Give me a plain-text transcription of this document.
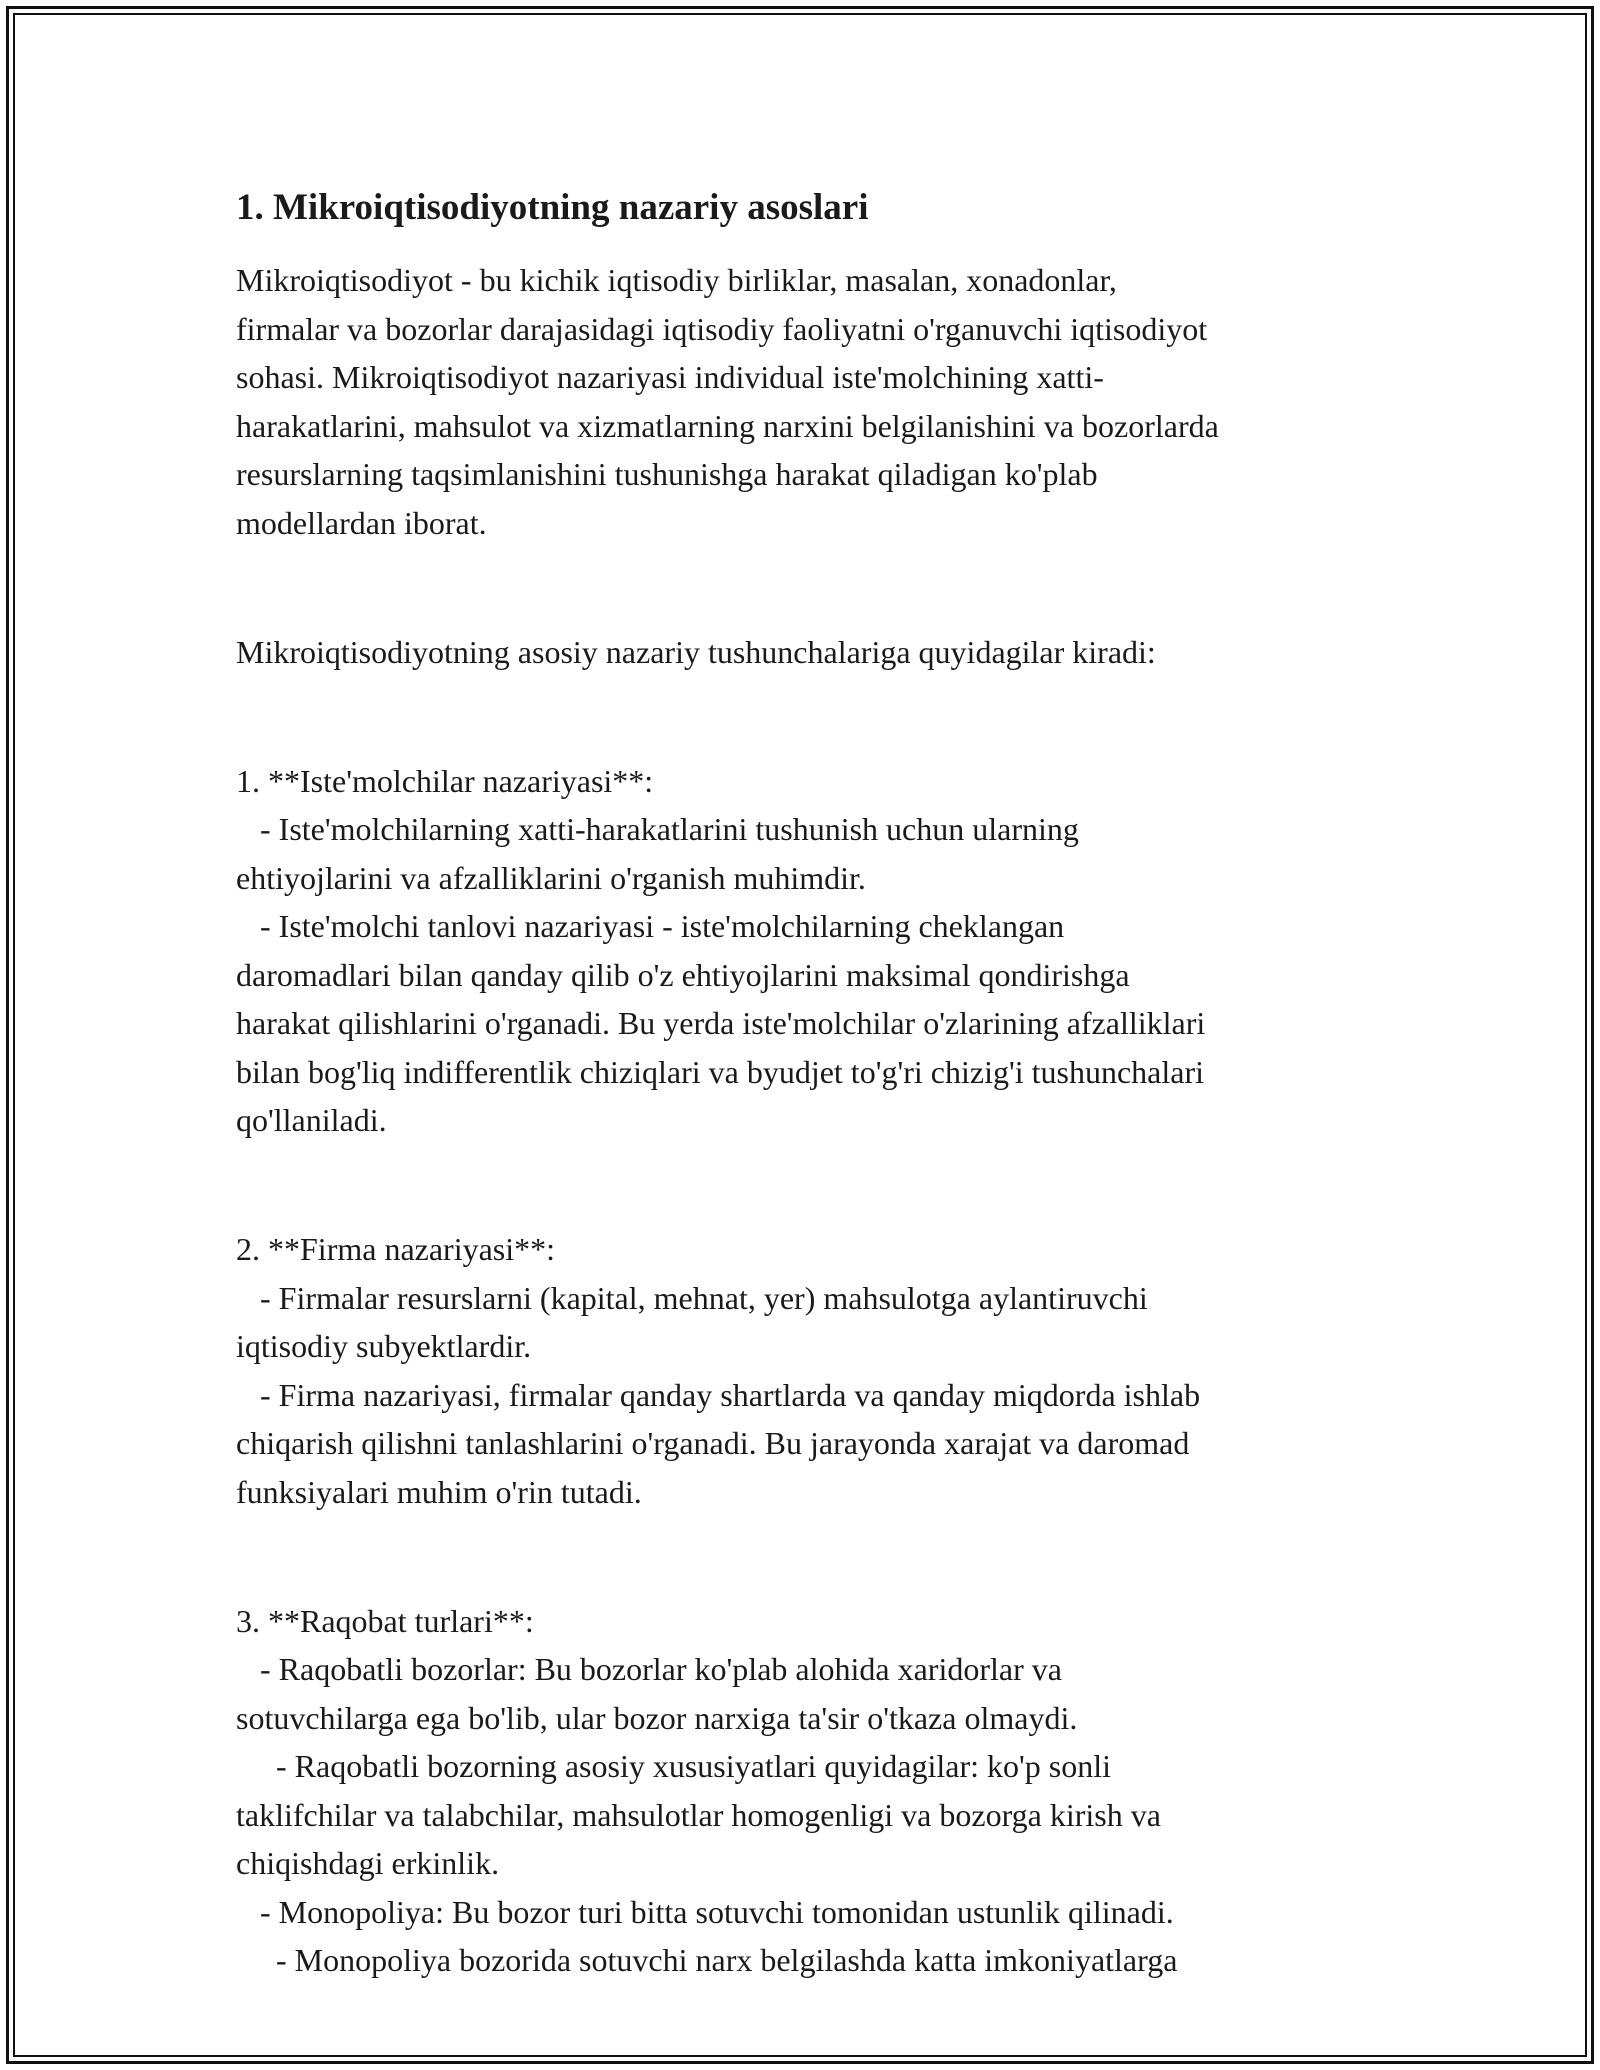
1. Mikroiqtisodiyotning nazariy asoslari

Mikroiqtisodiyot - bu kichik iqtisodiy birliklar, masalan, xonadonlar,

firmalar va bozorlar darajasidagi iqtisodiy faoliyatni o'rganuvchi iqtisodiyot

sohasi. Mikroiqtisodiyot nazariyasi individual iste'molchining xatti-

harakatlarini, mahsulot va xizmatlarning narxini belgilanishini va bozorlarda

resurslarning taqsimlanishini tushunishga harakat qiladigan ko'plab

modellardan iborat.

Mikroiqtisodiyotning asosiy nazariy tushunchalariga quyidagilar kiradi:

1. **Iste'molchilar nazariyasi**:

- Iste'molchilarning xatti-harakatlarini tushunish uchun ularning

ehtiyojlarini va afzalliklarini o'rganish muhimdir.

- Iste'molchi tanlovi nazariyasi - iste'molchilarning cheklangan

daromadlari bilan qanday qilib o'z ehtiyojlarini maksimal qondirishga

harakat qilishlarini o'rganadi. Bu yerda iste'molchilar o'zlarining afzalliklari

bilan bog'liq indifferentlik chiziqlari va byudjet to'g'ri chizig'i tushunchalari

qo'llaniladi.

2. **Firma nazariyasi**:

- Firmalar resurslarni (kapital, mehnat, yer) mahsulotga aylantiruvchi

iqtisodiy subyektlardir.

- Firma nazariyasi, firmalar qanday shartlarda va qanday miqdorda ishlab

chiqarish qilishni tanlashlarini o'rganadi. Bu jarayonda xarajat va daromad

funksiyalari muhim o'rin tutadi.

3. **Raqobat turlari**:

- Raqobatli bozorlar: Bu bozorlar ko'plab alohida xaridorlar va

sotuvchilarga ega bo'lib, ular bozor narxiga ta'sir o'tkaza olmaydi.

- Raqobatli bozorning asosiy xususiyatlari quyidagilar: ko'p sonli

taklifchilar va talabchilar, mahsulotlar homogenligi va bozorga kirish va

chiqishdagi erkinlik.

- Monopoliya: Bu bozor turi bitta sotuvchi tomonidan ustunlik qilinadi.

- Monopoliya bozorida sotuvchi narx belgilashda katta imkoniyatlarga
